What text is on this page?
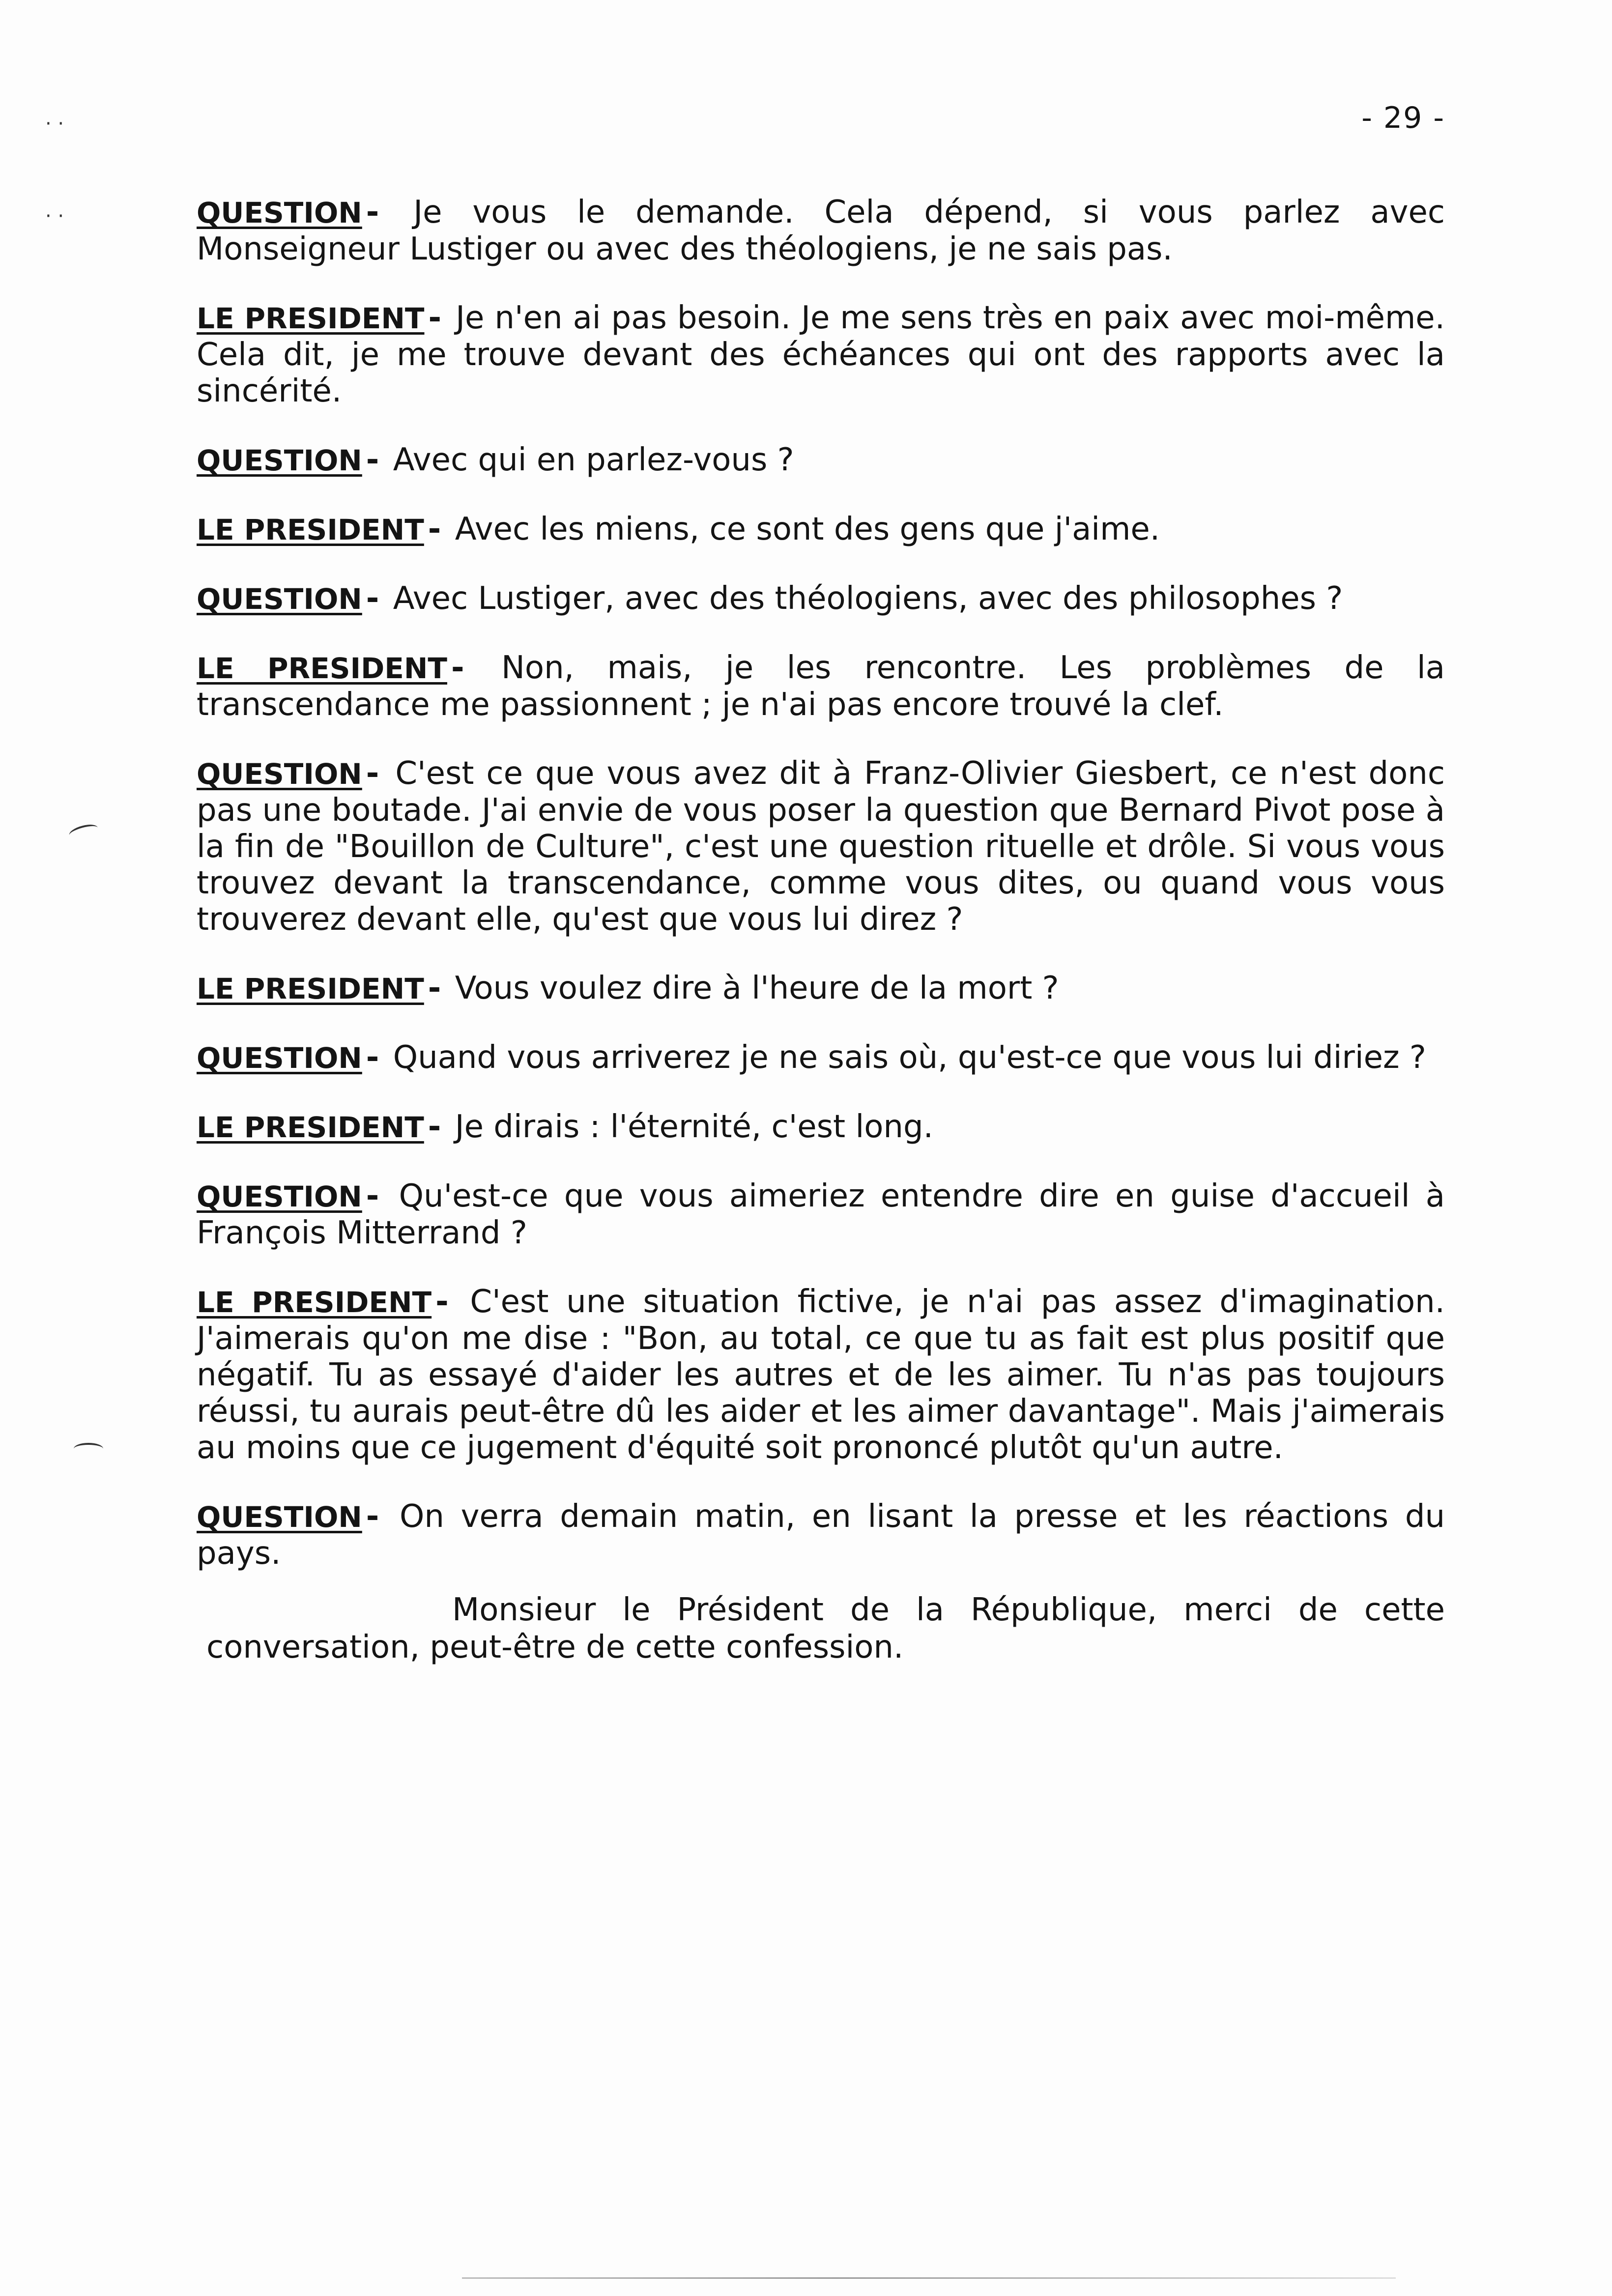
- 29 -
· ·
· ·	QUESTION - Je vous le demande. Cela dépend, si vous parlez avec Monseigneur Lustiger ou avec des théologiens, je ne sais pas.

LE PRESIDENT - Je n'en ai pas besoin. Je me sens très en paix avec moi-même. Cela dit, je me trouve devant des échéances qui ont des rapports avec la sincérité.

QUESTION - Avec qui en parlez-vous ?

LE PRESIDENT - Avec les miens, ce sont des gens que j'aime.

QUESTION - Avec Lustiger, avec des théologiens, avec des philosophes ?

LE PRESIDENT - Non, mais, je les rencontre. Les problèmes de la transcendance me passionnent ; je n'ai pas encore trouvé la clef.

QUESTION - C'est ce que vous avez dit à Franz-Olivier Giesbert, ce n'est donc pas une boutade. J'ai envie de vous poser la question que Bernard Pivot pose à la fin de "Bouillon de Culture", c'est une question rituelle et drôle. Si vous vous trouvez devant la transcendance, comme vous dites, ou quand vous vous trouverez devant elle, qu'est que vous lui direz ?

LE PRESIDENT - Vous voulez dire à l'heure de la mort ?

QUESTION - Quand vous arriverez je ne sais où, qu'est-ce que vous lui diriez ?

LE PRESIDENT - Je dirais : l'éternité, c'est long.

QUESTION - Qu'est-ce que vous aimeriez entendre dire en guise d'accueil à François Mitterrand ?

LE PRESIDENT - C'est une situation fictive, je n'ai pas assez d'imagination. J'aimerais qu'on me dise : "Bon, au total, ce que tu as fait est plus positif que négatif. Tu as essayé d'aider les autres et de les aimer. Tu n'as pas toujours réussi, tu aurais peut-être dû les aider et les aimer davantage". Mais j'aimerais au moins que ce jugement d'équité soit prononcé plutôt qu'un autre.

QUESTION - On verra demain matin, en lisant la presse et les réactions du pays.

Monsieur le Président de la République, merci de cette conversation, peut-être de cette confession.
